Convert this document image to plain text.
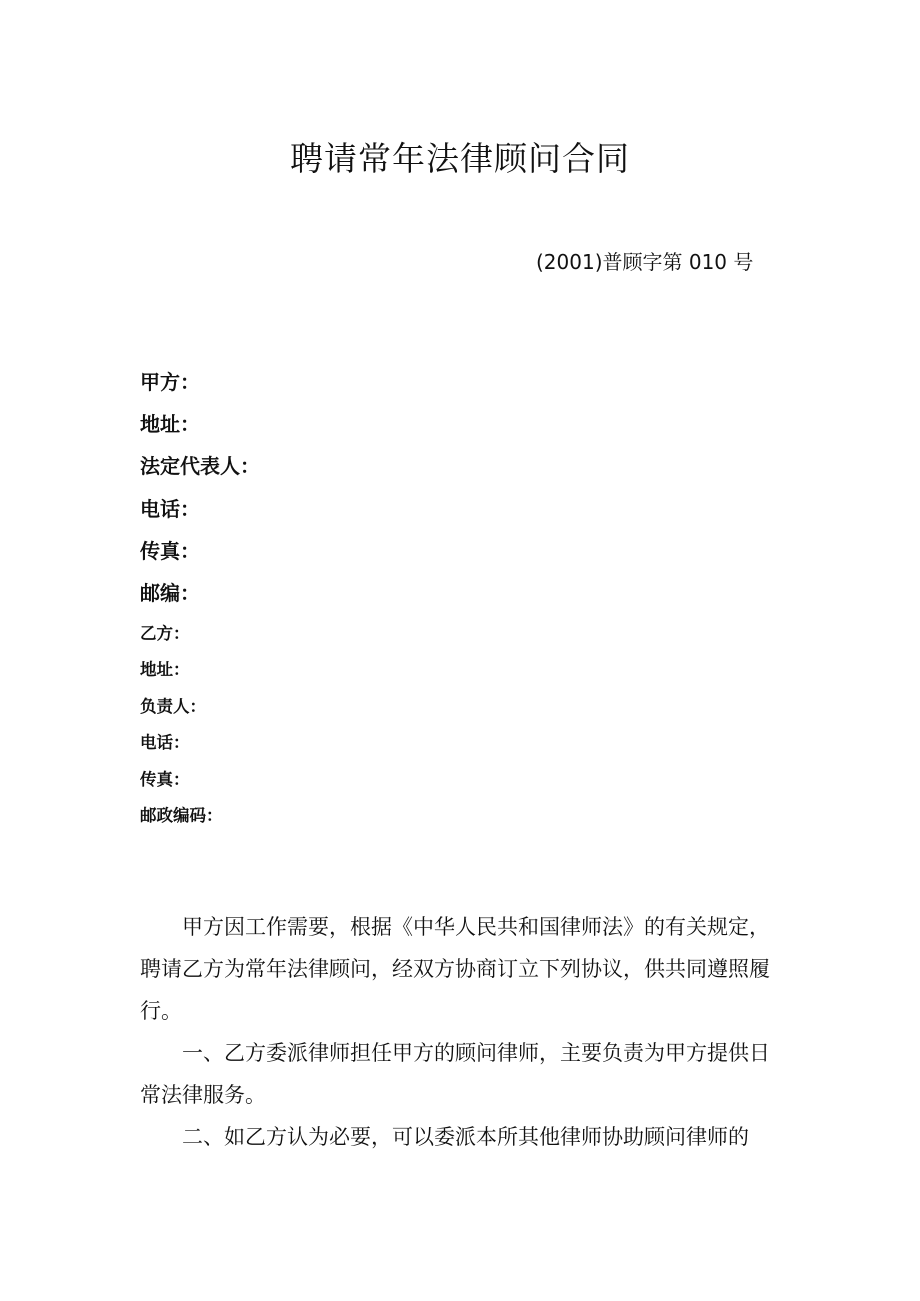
聘请常年法律顾问合同
(2001)普顾字第 010 号
甲方：
地址：
法定代表人：
电话：
传真：
邮编：
乙方：
地址：
负责人：
电话：
传真：
邮政编码：

甲方因工作需要，根据《中华人民共和国律师法》的有关规定，聘请乙方为常年法律顾问，经双方协商订立下列协议，供共同遵照履行。

一、乙方委派律师担任甲方的顾问律师，主要负责为甲方提供日常法律服务。

二、如乙方认为必要，可以委派本所其他律师协助顾问律师的
